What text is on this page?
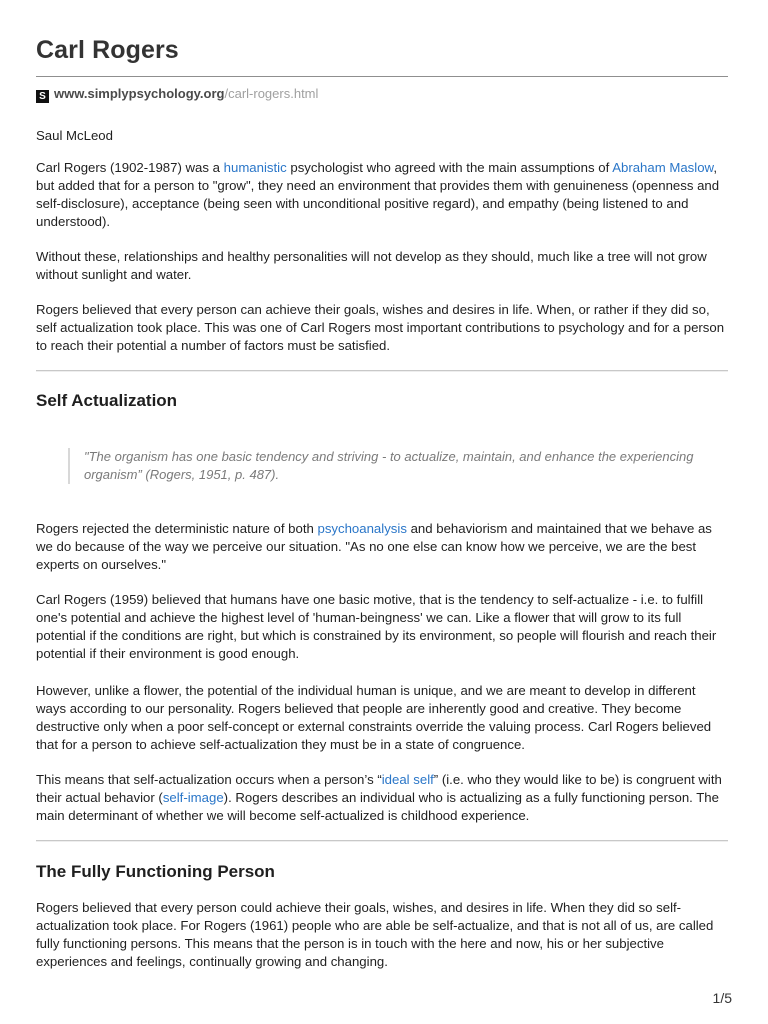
Carl Rogers
S www.simplypsychology.org/carl-rogers.html

Saul McLeod

Carl Rogers (1902-1987) was a humanistic psychologist who agreed with the main assumptions of Abraham Maslow, but added that for a person to "grow", they need an environment that provides them with genuineness (openness and self-disclosure), acceptance (being seen with unconditional positive regard), and empathy (being listened to and understood).

Without these, relationships and healthy personalities will not develop as they should, much like a tree will not grow without sunlight and water.

Rogers believed that every person can achieve their goals, wishes and desires in life. When, or rather if they did so, self actualization took place. This was one of Carl Rogers most important contributions to psychology and for a person to reach their potential a number of factors must be satisfied.

Self Actualization
"The organism has one basic tendency and striving - to actualize, maintain, and enhance the experiencing organism” (Rogers, 1951, p. 487).

Rogers rejected the deterministic nature of both psychoanalysis and behaviorism and maintained that we behave as we do because of the way we perceive our situation. "As no one else can know how we perceive, we are the best experts on ourselves."

Carl Rogers (1959) believed that humans have one basic motive, that is the tendency to self-actualize - i.e. to fulfill one's potential and achieve the highest level of 'human-beingness' we can. Like a flower that will grow to its full potential if the conditions are right, but which is constrained by its environment, so people will flourish and reach their potential if their environment is good enough.

However, unlike a flower, the potential of the individual human is unique, and we are meant to develop in different ways according to our personality. Rogers believed that people are inherently good and creative. They become destructive only when a poor self-concept or external constraints override the valuing process. Carl Rogers believed that for a person to achieve self-actualization they must be in a state of congruence.

This means that self-actualization occurs when a person’s “ideal self” (i.e. who they would like to be) is congruent with their actual behavior (self-image). Rogers describes an individual who is actualizing as a fully functioning person. The main determinant of whether we will become self-actualized is childhood experience.

The Fully Functioning Person

Rogers believed that every person could achieve their goals, wishes, and desires in life. When they did so self-actualization took place. For Rogers (1961) people who are able be self-actualize, and that is not all of us, are called fully functioning persons. This means that the person is in touch with the here and now, his or her subjective experiences and feelings, continually growing and changing.

1/5
